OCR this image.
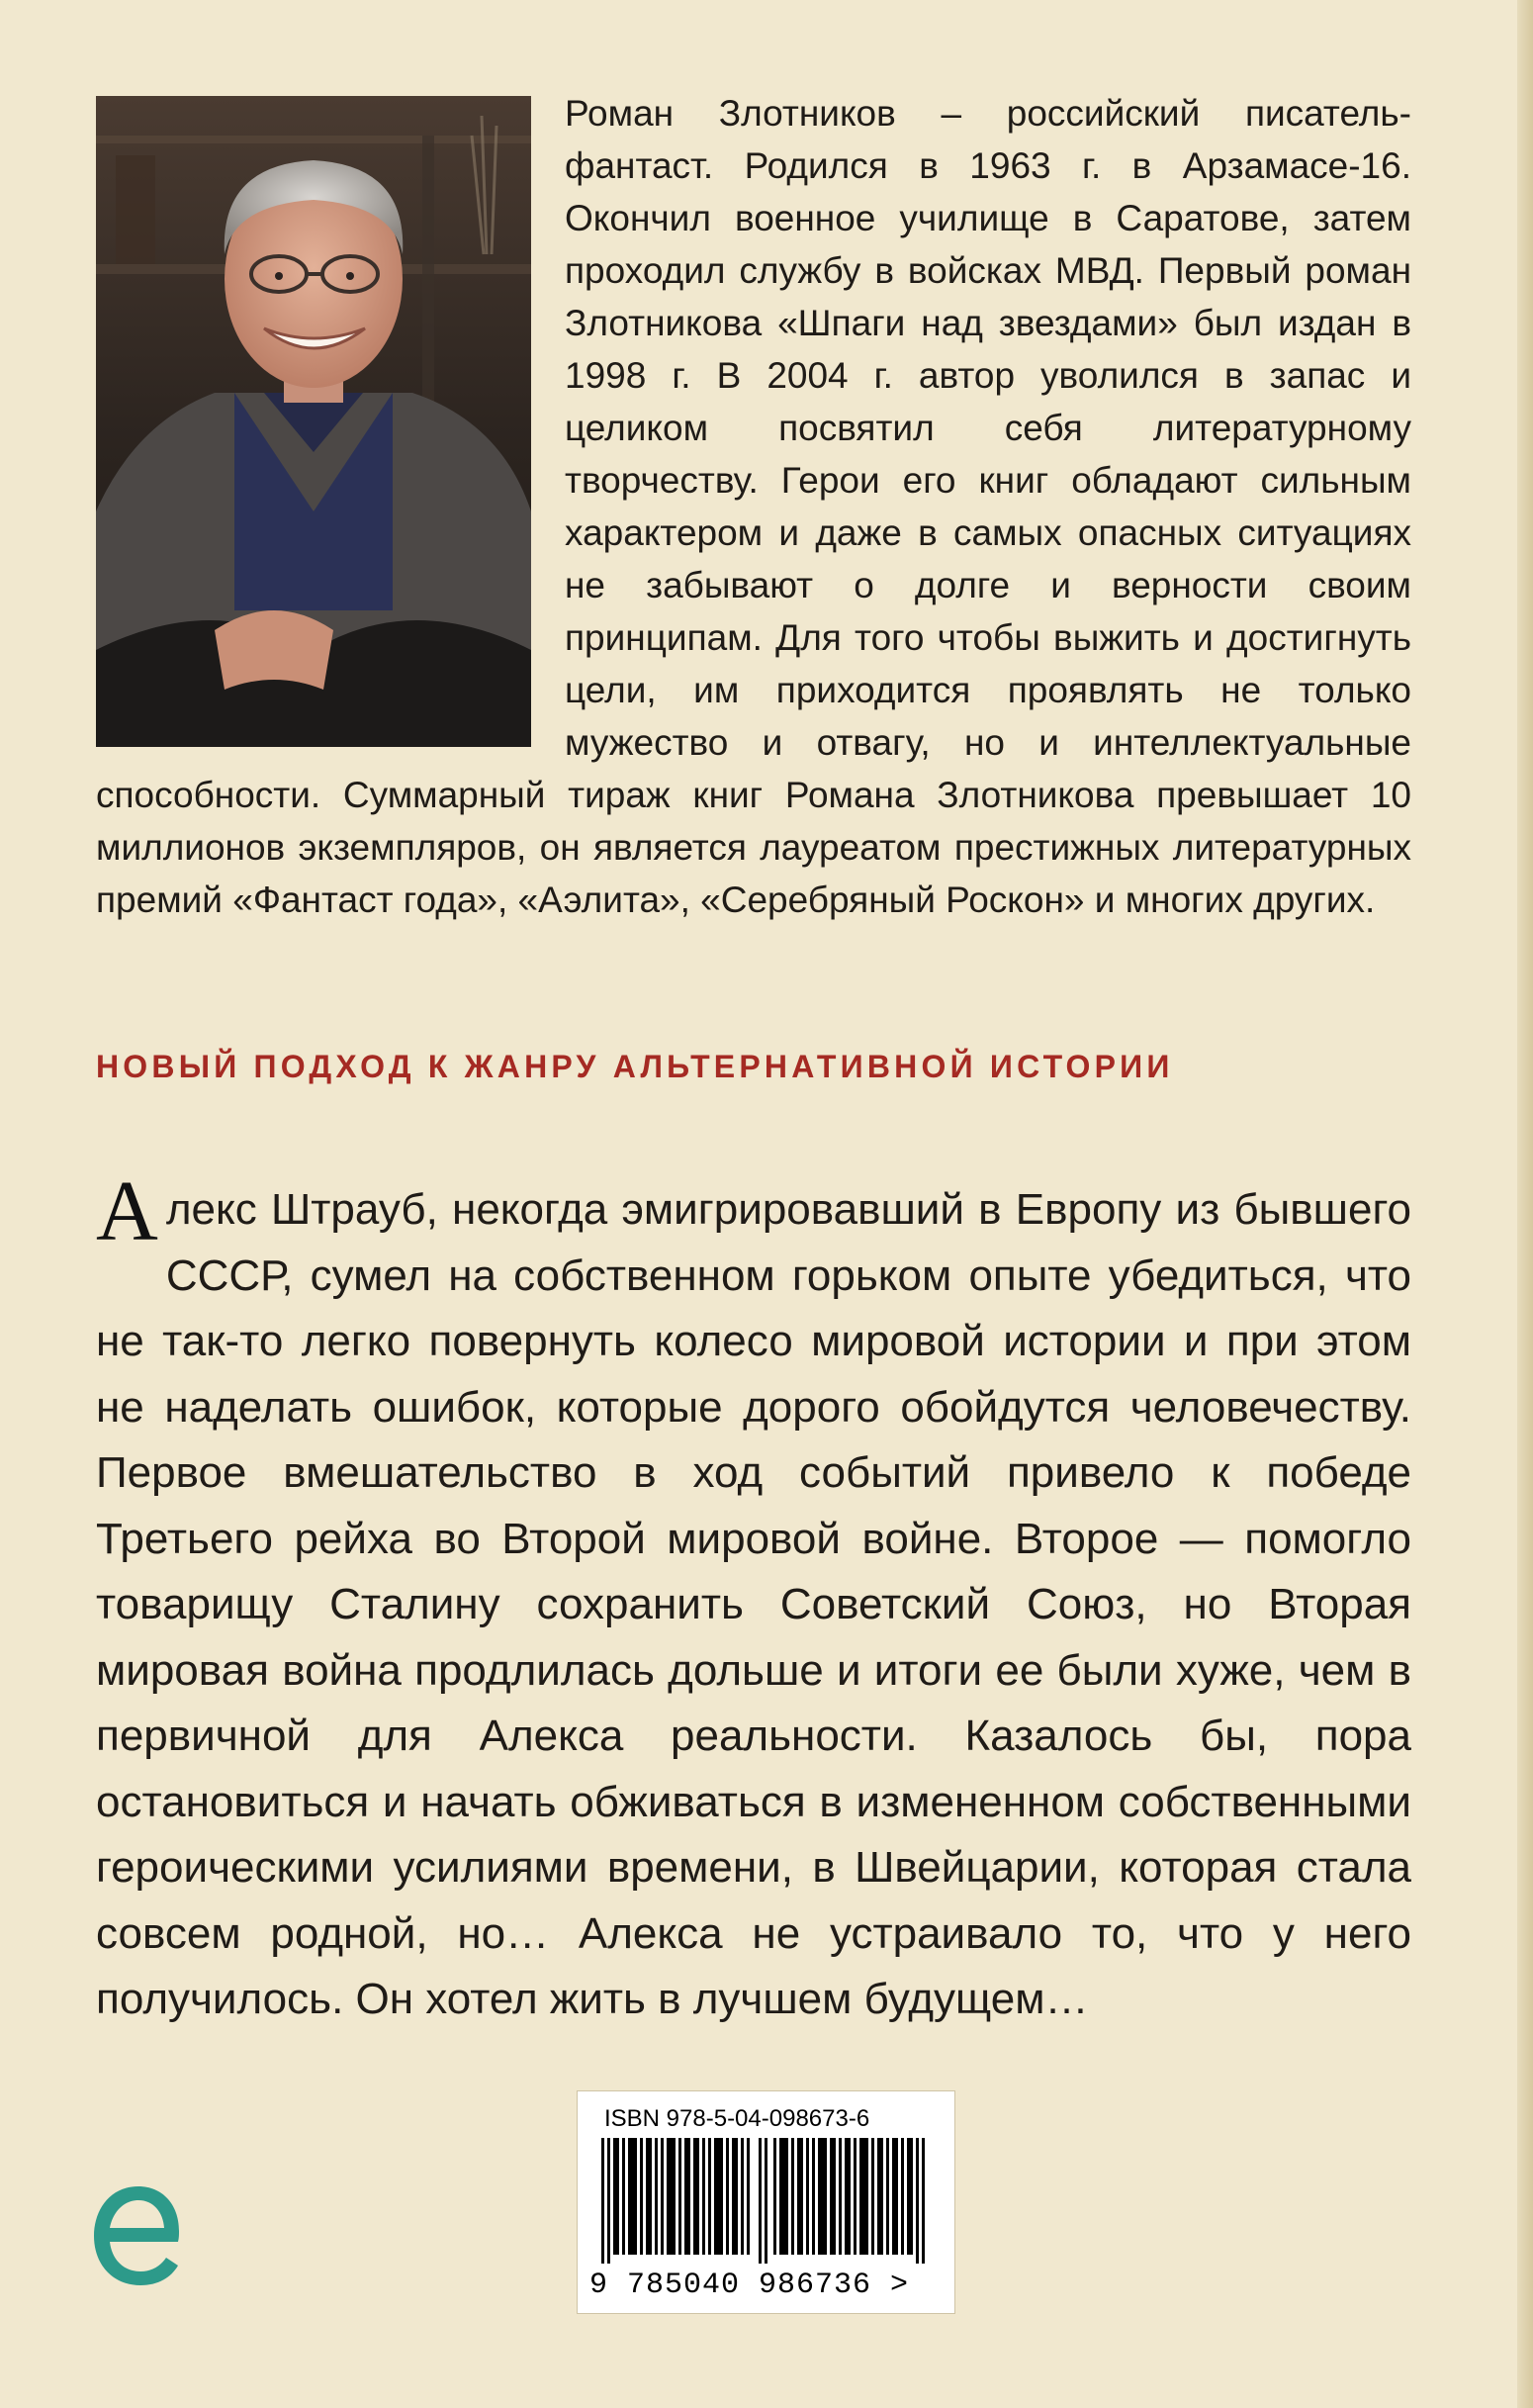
Роман Злотников – российский писатель-фантаст. Родился в 1963 г. в Арзамасе-16. Окончил военное училище в Саратове, затем проходил службу в войсках МВД. Первый роман Злотникова «Шпаги над звездами» был издан в 1998 г. В 2004 г. автор уволился в запас и целиком посвятил себя литературному творчеству. Герои его книг обладают сильным характером и даже в самых опасных ситуациях не забывают о долге и верности своим принципам. Для того чтобы выжить и достигнуть цели, им приходится проявлять не только мужество и отвагу, но и интеллектуальные способности. Суммарный тираж книг Романа Злотникова превышает 10 миллионов экземпляров, он является лауреатом престижных литературных премий «Фантаст года», «Аэлита», «Серебряный Роскон» и многих других.

НОВЫЙ ПОДХОД К ЖАНРУ АЛЬТЕРНАТИВНОЙ ИСТОРИИ

Алекс Штрауб, некогда эмигрировавший в Европу из бывшего СССР, сумел на собственном горьком опыте убедиться, что не так-то легко повернуть колесо мировой истории и при этом не наделать ошибок, которые дорого обойдутся человечеству. Первое вмешательство в ход событий привело к победе Третьего рейха во Второй мировой войне. Второе — помогло товарищу Сталину сохранить Советский Союз, но Вторая мировая война продлилась дольше и итоги ее были хуже, чем в первичной для Алекса реальности. Казалось бы, пора остановиться и начать обживаться в измененном собственными героическими усилиями времени, в Швейцарии, которая стала совсем родной, но… Алекса не устраивало то, что у него получилось. Он хотел жить в лучшем будущем…

ISBN 978-5-04-098673-6
9 785040 986736 >
